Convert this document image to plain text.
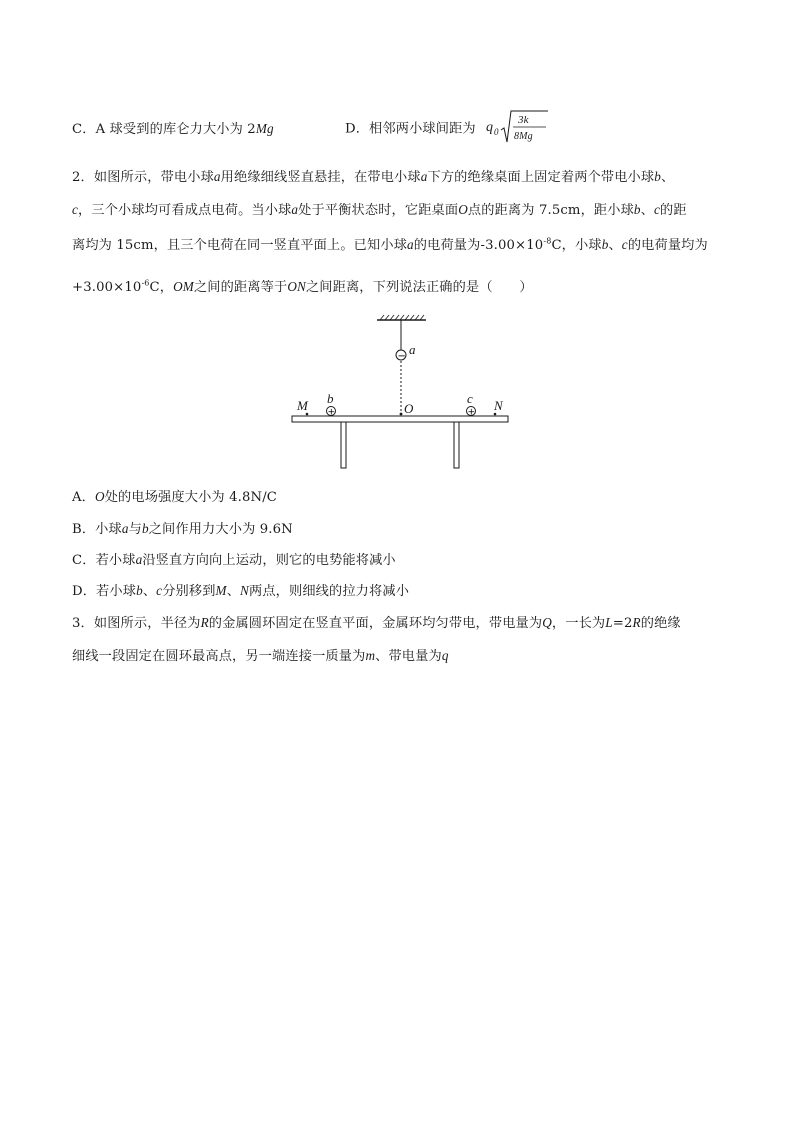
C．A 球受到的库仑力大小为 2Mg	D．相邻两小球间距为 q 0
3k
8Mg
2．如图所示，带电小球a用绝缘细线竖直悬挂，在带电小球a下方的绝缘桌面上固定着两个带电小球b、
c，三个小球均可看成点电荷。当小球a处于平衡状态时，它距桌面O点的距离为 7.5cm，距小球b、c的距
离均为 15cm，且三个电荷在同一竖直平面上。已知小球a的电荷量为$-3.00\times 10^{-8}C$，小球b、c的电荷量均为
$+3.00\times 10^{-6}C$，OM之间的距离等于ON之间距离，下列说法正确的是（　　）
− a
O
M	N
+
b
+
c
A．O处的电场强度大小为 4.8N/C
B．小球a与b之间作用力大小为 9.6N
C．若小球a沿竖直方向向上运动，则它的电势能将减小
D．若小球b、c分别移到M、N两点，则细线的拉力将减小
3．如图所示，半径为R的金属圆环固定在竖直平面，金属环均匀带电，带电量为Q，一长为L=2R的绝缘
细线一段固定在圆环最高点，另一端连接一质量为m、带电量为q
